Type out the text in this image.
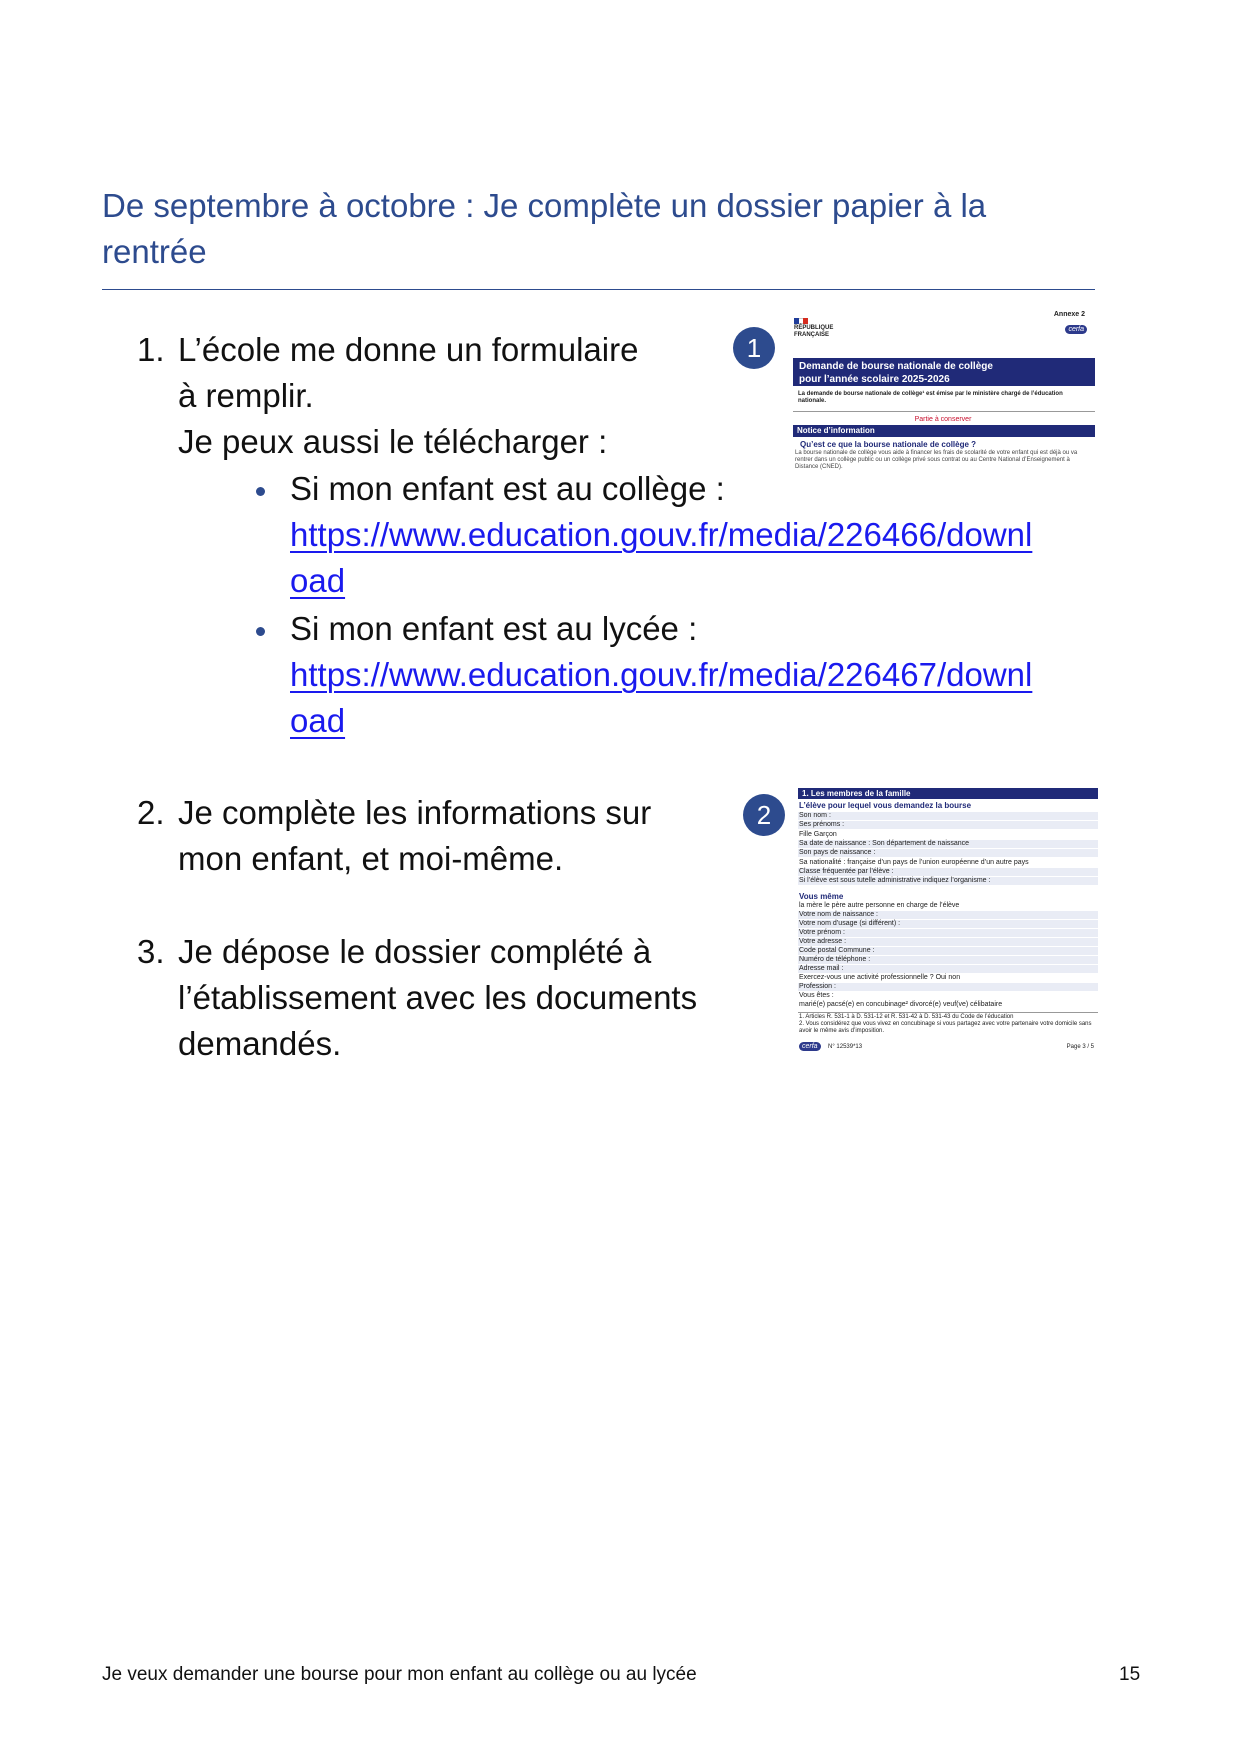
De septembre à octobre : Je complète un dossier papier à la rentrée
1. L’école me donne un formulaire
à remplir.
Je peux aussi le télécharger :
Si mon enfant est au collège :
https://www.education.gouv.fr/media/226466/downl
oad
Si mon enfant est au lycée :
https://www.education.gouv.fr/media/226467/downl
oad
2. Je complète les informations sur
mon enfant, et moi-même.
3. Je dépose le dossier complété à
l’établissement avec les documents
demandés.
1
2
Annexe 2
RÉPUBLIQUE
FRANÇAISE
cerfa
Demande de bourse nationale de collège
pour l’année scolaire 2025-2026
La demande de bourse nationale de collège¹ est émise par le ministère chargé de l’éducation nationale.
Partie à conserver
Notice d’information
Qu’est ce que la bourse nationale de collège ?
La bourse nationale de collège vous aide à financer les frais de scolarité de votre enfant qui est déjà ou va rentrer dans un collège public ou un collège privé sous contrat ou au Centre National d’Enseignement à Distance (CNED).
1. Les membres de la famille
L’élève pour lequel vous demandez la bourse
Son nom :
Ses prénoms :
Fille Garçon
Sa date de naissance : Son département de naissance
Son pays de naissance :
Sa nationalité : française d’un pays de l’union européenne d’un autre pays
Classe fréquentée par l’élève :
Si l’élève est sous tutelle administrative indiquez l’organisme :
Vous même
la mère le père autre personne en charge de l’élève
Votre nom de naissance :
Votre nom d’usage (si différent) :
Votre prénom :
Votre adresse :
Code postal Commune :
Numéro de téléphone :
Adresse mail :
Exercez-vous une activité professionnelle ? Oui non
Profession :
Vous êtes :
marié(e) pacsé(e) en concubinage² divorcé(e) veuf(ve) célibataire
1. Articles R. 531-1 à D. 531-12 et R. 531-42 à D. 531-43 du Code de l’éducation
2. Vous considérez que vous vivez en concubinage si vous partagez avec votre partenaire votre domicile sans avoir le même avis d’imposition.
cerfa	N° 12539*13	Page 3 / 5
Je veux demander une bourse pour mon enfant au collège ou au lycée	15
